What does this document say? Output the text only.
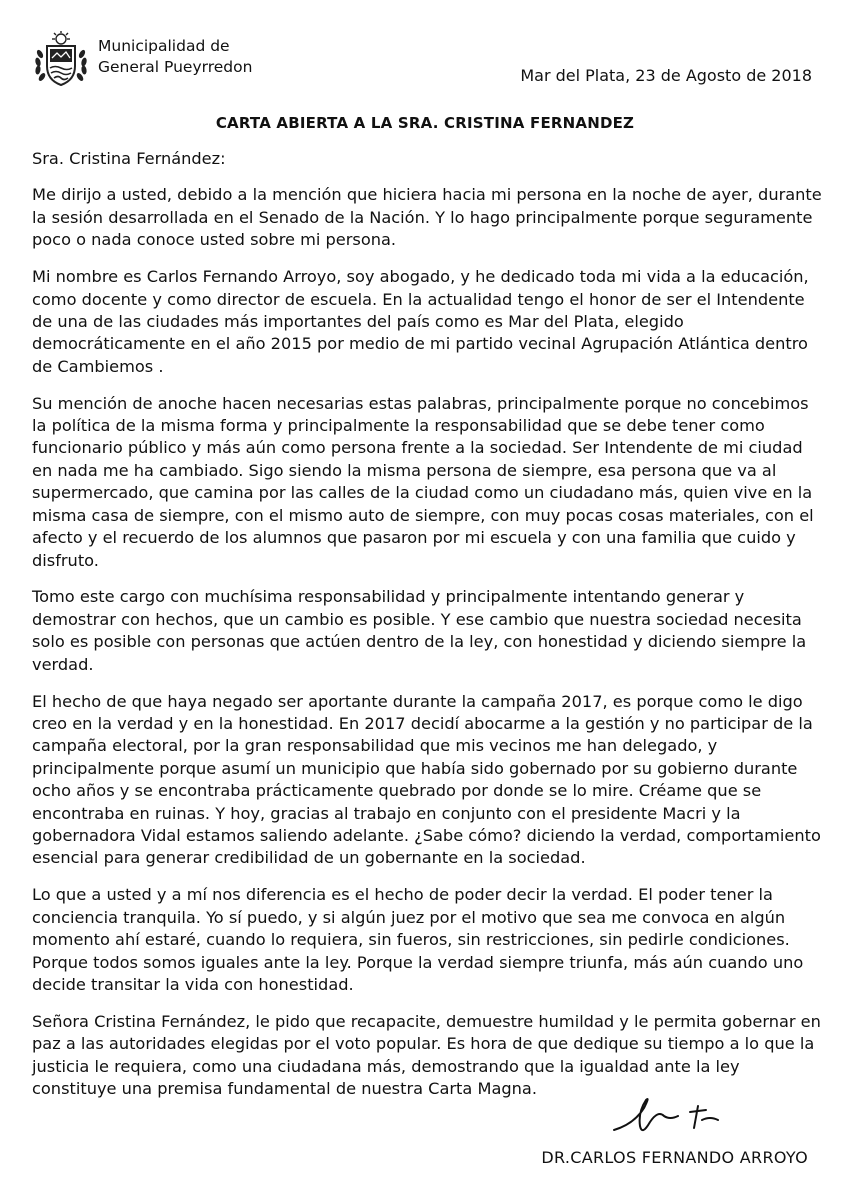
Municipalidad de
General Pueyrredon	Mar del Plata, 23 de Agosto de 2018
CARTA ABIERTA A LA SRA. CRISTINA FERNANDEZ

Sra. Cristina Fernández:

Me dirijo a usted, debido a la mención que hiciera hacia mi persona en la noche de ayer, durante la sesión desarrollada en el Senado de la Nación. Y lo hago principalmente porque seguramente poco o nada conoce usted sobre mi persona.

Mi nombre es Carlos Fernando Arroyo, soy abogado, y he dedicado toda mi vida a la educación, como docente y como director de escuela. En la actualidad tengo el honor de ser el Intendente de una de las ciudades más importantes del país como es Mar del Plata, elegido democráticamente en el año 2015 por medio de mi partido vecinal Agrupación Atlántica dentro de Cambiemos .

Su mención de anoche hacen necesarias estas palabras, principalmente porque no concebimos la política de la misma forma y principalmente la responsabilidad que se debe tener como funcionario público y más aún como persona frente a la sociedad. Ser Intendente de mi ciudad en nada me ha cambiado. Sigo siendo la misma persona de siempre, esa persona que va al supermercado, que camina por las calles de la ciudad como un ciudadano más, quien vive en la misma casa de siempre, con el mismo auto de siempre, con muy pocas cosas materiales, con el afecto y el recuerdo de los alumnos que pasaron por mi escuela y con una familia que cuido y disfruto.

Tomo este cargo con muchísima responsabilidad y principalmente intentando generar y demostrar con hechos, que un cambio es posible. Y ese cambio que nuestra sociedad necesita solo es posible con personas que actúen dentro de la ley, con honestidad y diciendo siempre la verdad.

El hecho de que haya negado ser aportante durante la campaña 2017, es porque como le digo creo en la verdad y en la honestidad. En 2017 decidí abocarme a la gestión y no participar de la campaña electoral, por la gran responsabilidad que mis vecinos me han delegado, y principalmente porque asumí un municipio que había sido gobernado por su gobierno durante ocho años y se encontraba prácticamente quebrado por donde se lo mire. Créame que se encontraba en ruinas. Y hoy, gracias al trabajo en conjunto con el presidente Macri y la gobernadora Vidal estamos saliendo adelante. ¿Sabe cómo? diciendo la verdad, comportamiento esencial para generar credibilidad de un gobernante en la sociedad.

Lo que a usted y a mí nos diferencia es el hecho de poder decir la verdad. El poder tener la conciencia tranquila. Yo sí puedo, y si algún juez por el motivo que sea me convoca en algún momento ahí estaré, cuando lo requiera, sin fueros, sin restricciones, sin pedirle condiciones. Porque todos somos iguales ante la ley. Porque la verdad siempre triunfa, más aún cuando uno decide transitar la vida con honestidad.

Señora Cristina Fernández, le pido que recapacite, demuestre humildad y le permita gobernar en paz a las autoridades elegidas por el voto popular. Es hora de que dedique su tiempo a lo que la justicia le requiera, como una ciudadana más, demostrando que la igualdad ante la ley constituye una premisa fundamental de nuestra Carta Magna.

DR.CARLOS FERNANDO ARROYO
